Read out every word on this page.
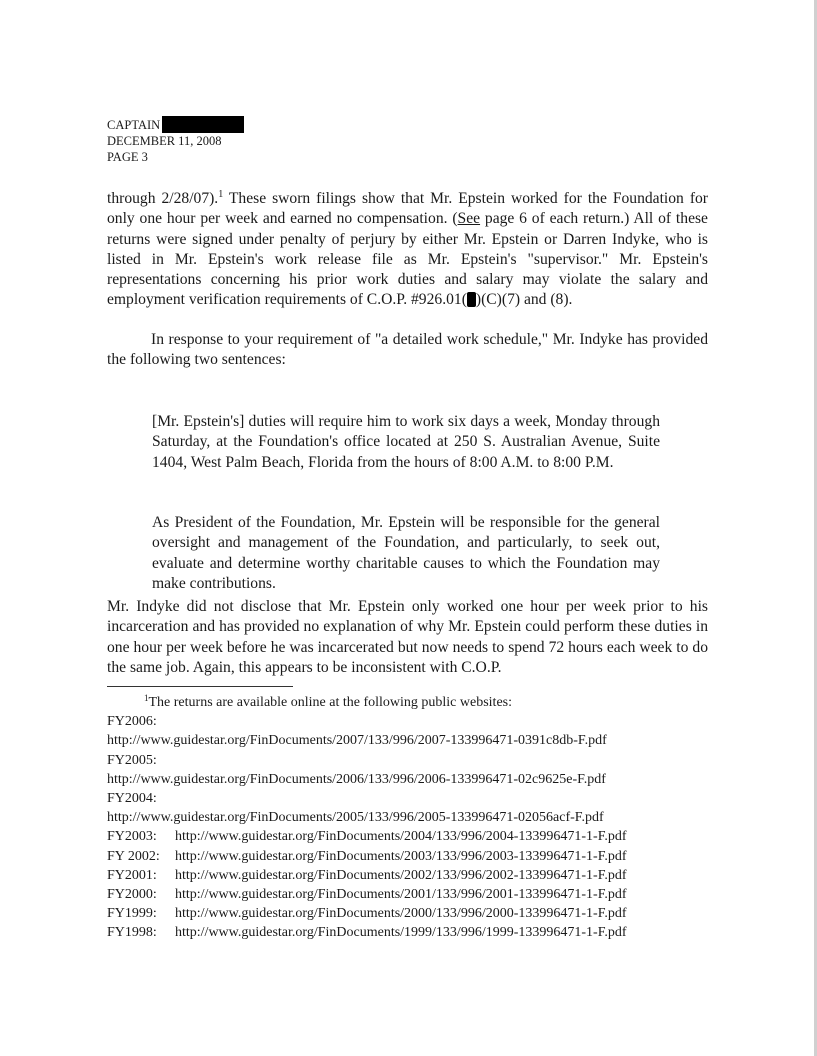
CAPTAIN
DECEMBER 11, 2008
PAGE 3

through 2/28/07).$^1$ These sworn filings show that Mr. Epstein worked for the Foundation for only one hour per week and earned no compensation. (See page 6 of each return.) All of these returns were signed under penalty of perjury by either Mr. Epstein or Darren Indyke, who is listed in Mr. Epstein's work release file as Mr. Epstein's "supervisor." Mr. Epstein's representations concerning his prior work duties and salary may violate the salary and employment verification requirements of C.O.P. #926.01( )(C)(7) and (8).

In response to your requirement of "a detailed work schedule," Mr. Indyke has provided the following two sentences:

[Mr. Epstein's] duties will require him to work six days a week, Monday through Saturday, at the Foundation's office located at 250 S. Australian Avenue, Suite 1404, West Palm Beach, Florida from the hours of 8:00 A.M. to 8:00 P.M.

As President of the Foundation, Mr. Epstein will be responsible for the general oversight and management of the Foundation, and particularly, to seek out, evaluate and determine worthy charitable causes to which the Foundation may make contributions.

Mr. Indyke did not disclose that Mr. Epstein only worked one hour per week prior to his incarceration and has provided no explanation of why Mr. Epstein could perform these duties in one hour per week before he was incarcerated but now needs to spend 72 hours each week to do the same job. Again, this appears to be inconsistent with C.O.P.

$^1$The returns are available online at the following public websites:
FY2006:
http://www.guidestar.org/FinDocuments/2007/133/996/2007-133996471-0391c8db-F.pdf
FY2005:
http://www.guidestar.org/FinDocuments/2006/133/996/2006-133996471-02c9625e-F.pdf
FY2004:
http://www.guidestar.org/FinDocuments/2005/133/996/2005-133996471-02056acf-F.pdf
FY2003: http://www.guidestar.org/FinDocuments/2004/133/996/2004-133996471-1-F.pdf
FY 2002: http://www.guidestar.org/FinDocuments/2003/133/996/2003-133996471-1-F.pdf
FY2001: http://www.guidestar.org/FinDocuments/2002/133/996/2002-133996471-1-F.pdf
FY2000: http://www.guidestar.org/FinDocuments/2001/133/996/2001-133996471-1-F.pdf
FY1999: http://www.guidestar.org/FinDocuments/2000/133/996/2000-133996471-1-F.pdf
FY1998: http://www.guidestar.org/FinDocuments/1999/133/996/1999-133996471-1-F.pdf
